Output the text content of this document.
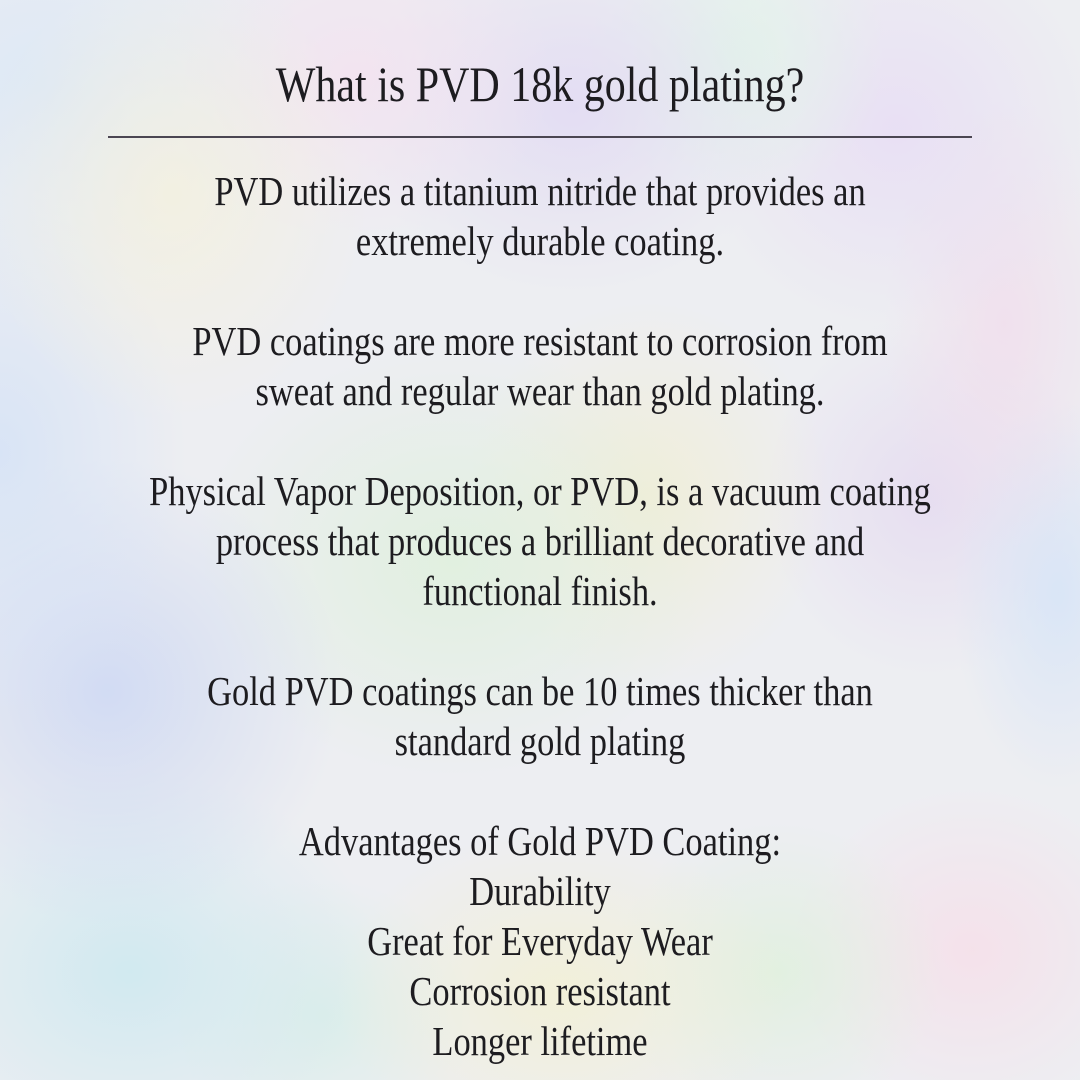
What is PVD 18k gold plating?
PVD utilizes a titanium nitride that provides an
extremely durable coating.
PVD coatings are more resistant to corrosion from
sweat and regular wear than gold plating.
Physical Vapor Deposition, or PVD, is a vacuum coating
process that produces a brilliant decorative and
functional finish.
Gold PVD coatings can be 10 times thicker than
standard gold plating
Advantages of Gold PVD Coating:
Durability
Great for Everyday Wear
Corrosion resistant
Longer lifetime
